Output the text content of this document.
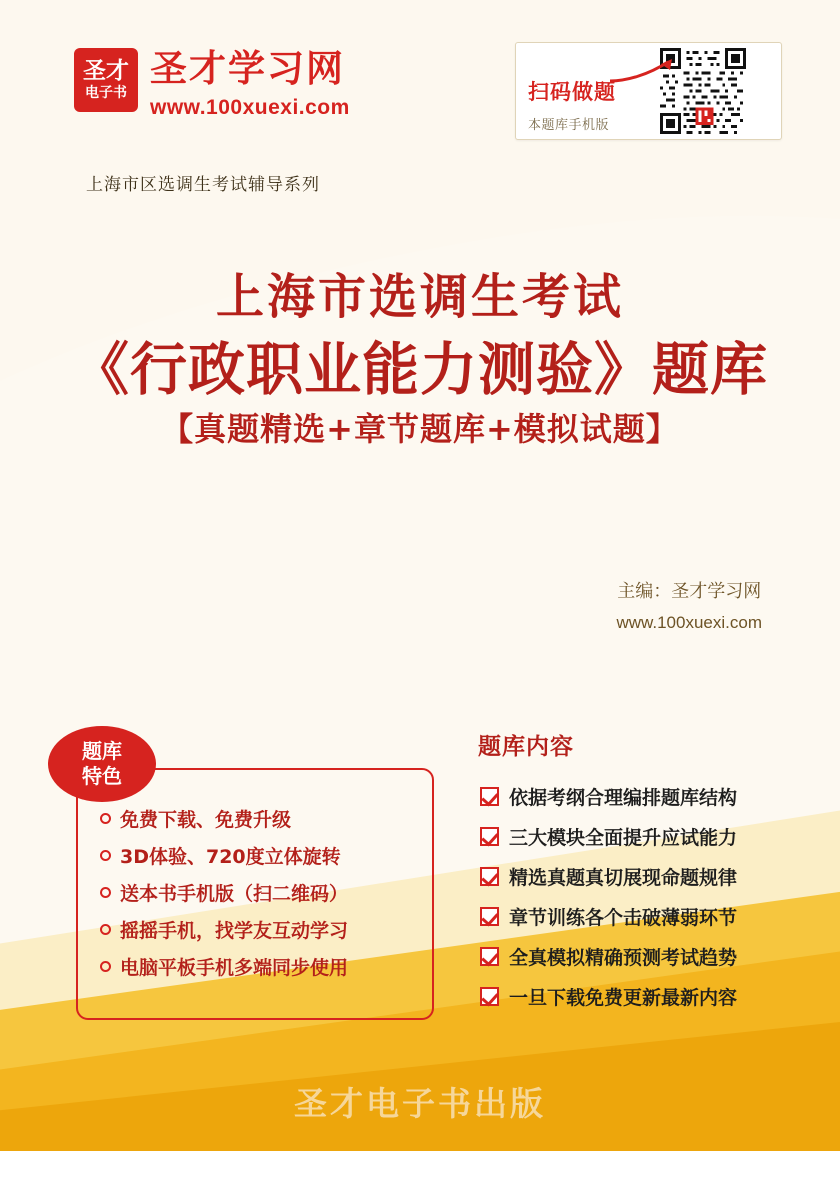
圣才
电子书
圣才学习网
www.100xuexi.com
扫码做题
本题库手机版
上海市区选调生考试辅导系列
上海市选调生考试
《行政职业能力测验》题库
【真题精选+章节题库+模拟试题】
主编：圣才学习网
www.100xuexi.com
题库
特色
免费下载、免费升级
3D体验、720度立体旋转
送本书手机版（扫二维码）
摇摇手机，找学友互动学习
电脑平板手机多端同步使用
题库内容
依据考纲合理编排题库结构
三大模块全面提升应试能力
精选真题真切展现命题规律
章节训练各个击破薄弱环节
全真模拟精确预测考试趋势
一旦下载免费更新最新内容
圣才电子书出版
